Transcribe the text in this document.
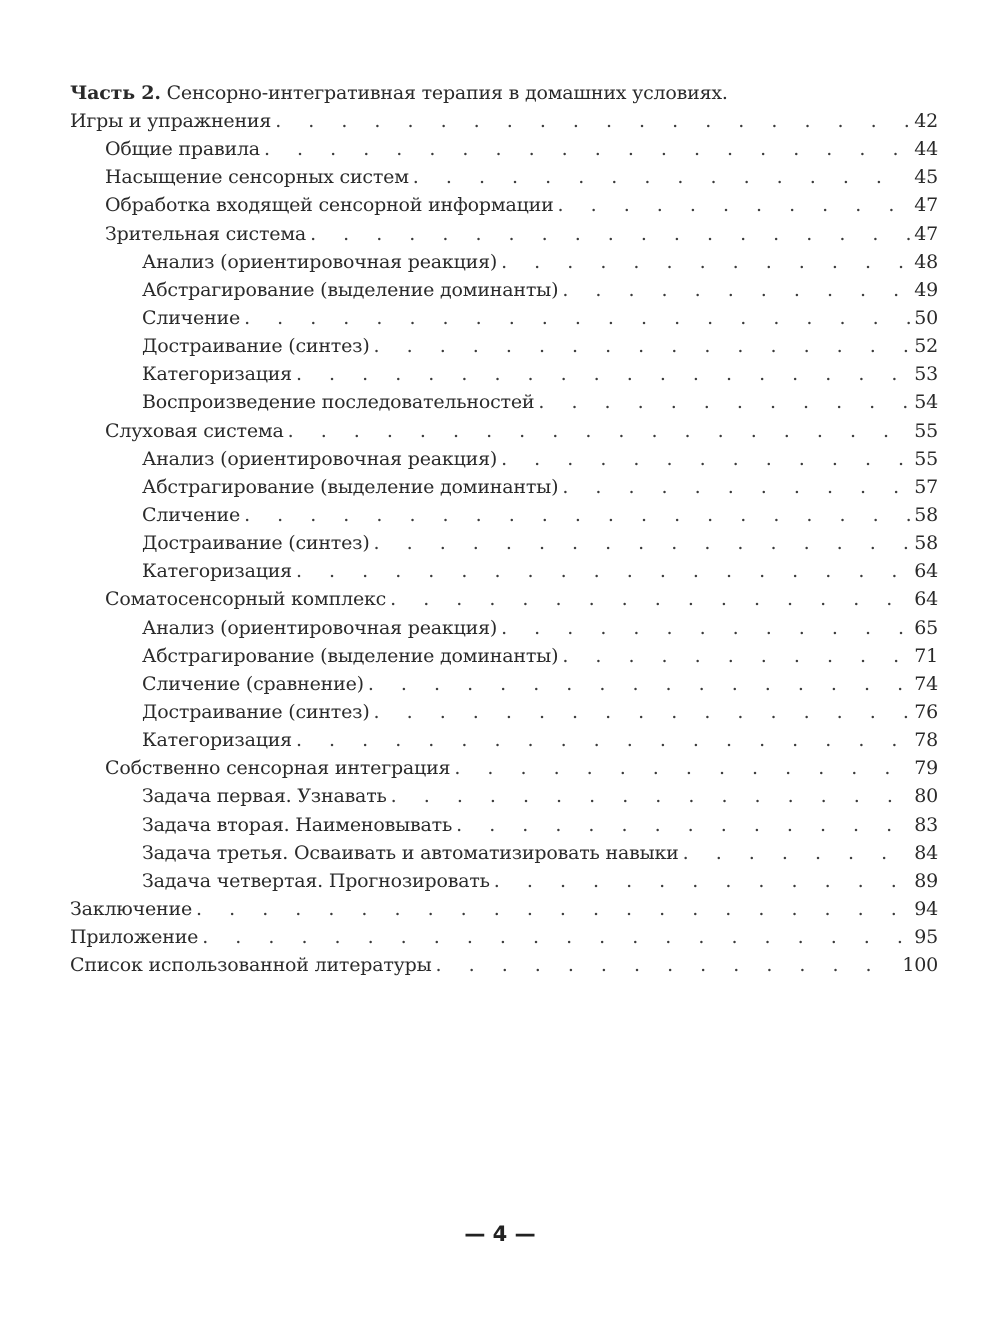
Часть 2. Сенсорно-интегративная терапия в домашних условиях.
Игры и упражнения . . .	42
Общие правила . . .	44
Насыщение сенсорных систем . . .	45
Обработка входящей сенсорной информации . . .	47
Зрительная система . . .	47
Анализ (ориентировочная реакция) . . .	48
Абстрагирование (выделение доминанты) . . .	49
Сличение . . .	50
Достраивание (синтез) . . .	52
Категоризация . . .	53
Воспроизведение последовательностей . . .	54
Слуховая система . . .	55
Анализ (ориентировочная реакция) . . .	55
Абстрагирование (выделение доминанты) . . .	57
Сличение . . .	58
Достраивание (синтез) . . .	58
Категоризация . . .	64
Соматосенсорный комплекс . . .	64
Анализ (ориентировочная реакция) . . .	65
Абстрагирование (выделение доминанты) . . .	71
Сличение (сравнение) . . .	74
Достраивание (синтез) . . .	76
Категоризация . . .	78
Собственно сенсорная интеграция . . .	79
Задача первая. Узнавать . . .	80
Задача вторая. Наименовывать . . .	83
Задача третья. Осваивать и автоматизировать навыки . . .	84
Задача четвертая. Прогнозировать . . .	89
Заключение . . .	94
Приложение . . .	95
Список использованной литературы . . .	100
— 4 —
